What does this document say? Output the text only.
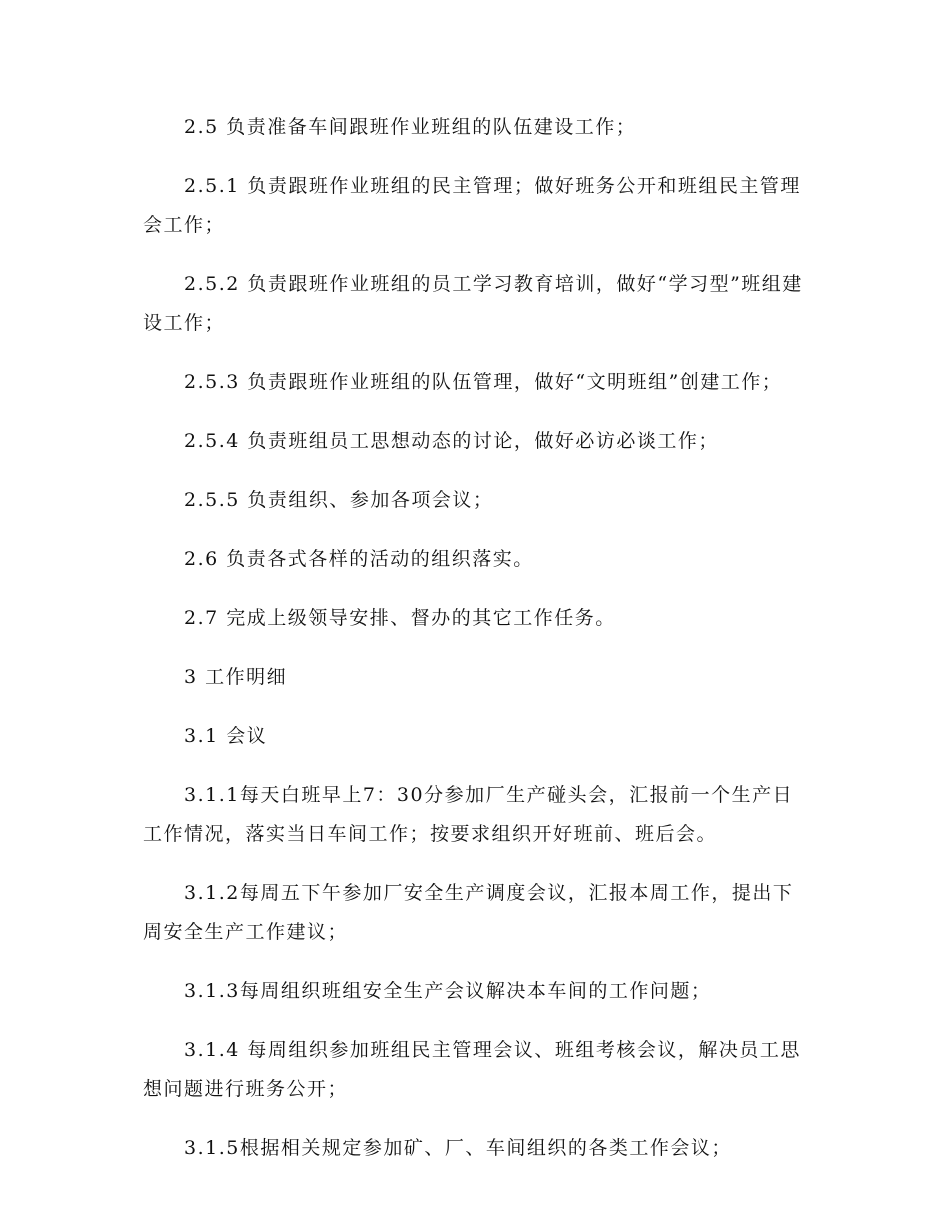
2.5 负责准备车间跟班作业班组的队伍建设工作；

2.5.1 负责跟班作业班组的民主管理；做好班务公开和班组民主管理会工作；

2.5.2 负责跟班作业班组的员工学习教育培训，做好“学习型”班组建设工作；

2.5.3 负责跟班作业班组的队伍管理，做好“文明班组”创建工作；

2.5.4 负责班组员工思想动态的讨论，做好必访必谈工作；

2.5.5 负责组织、参加各项会议；

2.6 负责各式各样的活动的组织落实。

2.7 完成上级领导安排、督办的其它工作任务。

3 工作明细

3.1 会议

3.1.1每天白班早上7：30分参加厂生产碰头会，汇报前一个生产日工作情况，落实当日车间工作；按要求组织开好班前、班后会。

3.1.2每周五下午参加厂安全生产调度会议，汇报本周工作，提出下周安全生产工作建议；

3.1.3每周组织班组安全生产会议解决本车间的工作问题；

3.1.4 每周组织参加班组民主管理会议、班组考核会议，解决员工思想问题进行班务公开；

3.1.5根据相关规定参加矿、厂、车间组织的各类工作会议；
